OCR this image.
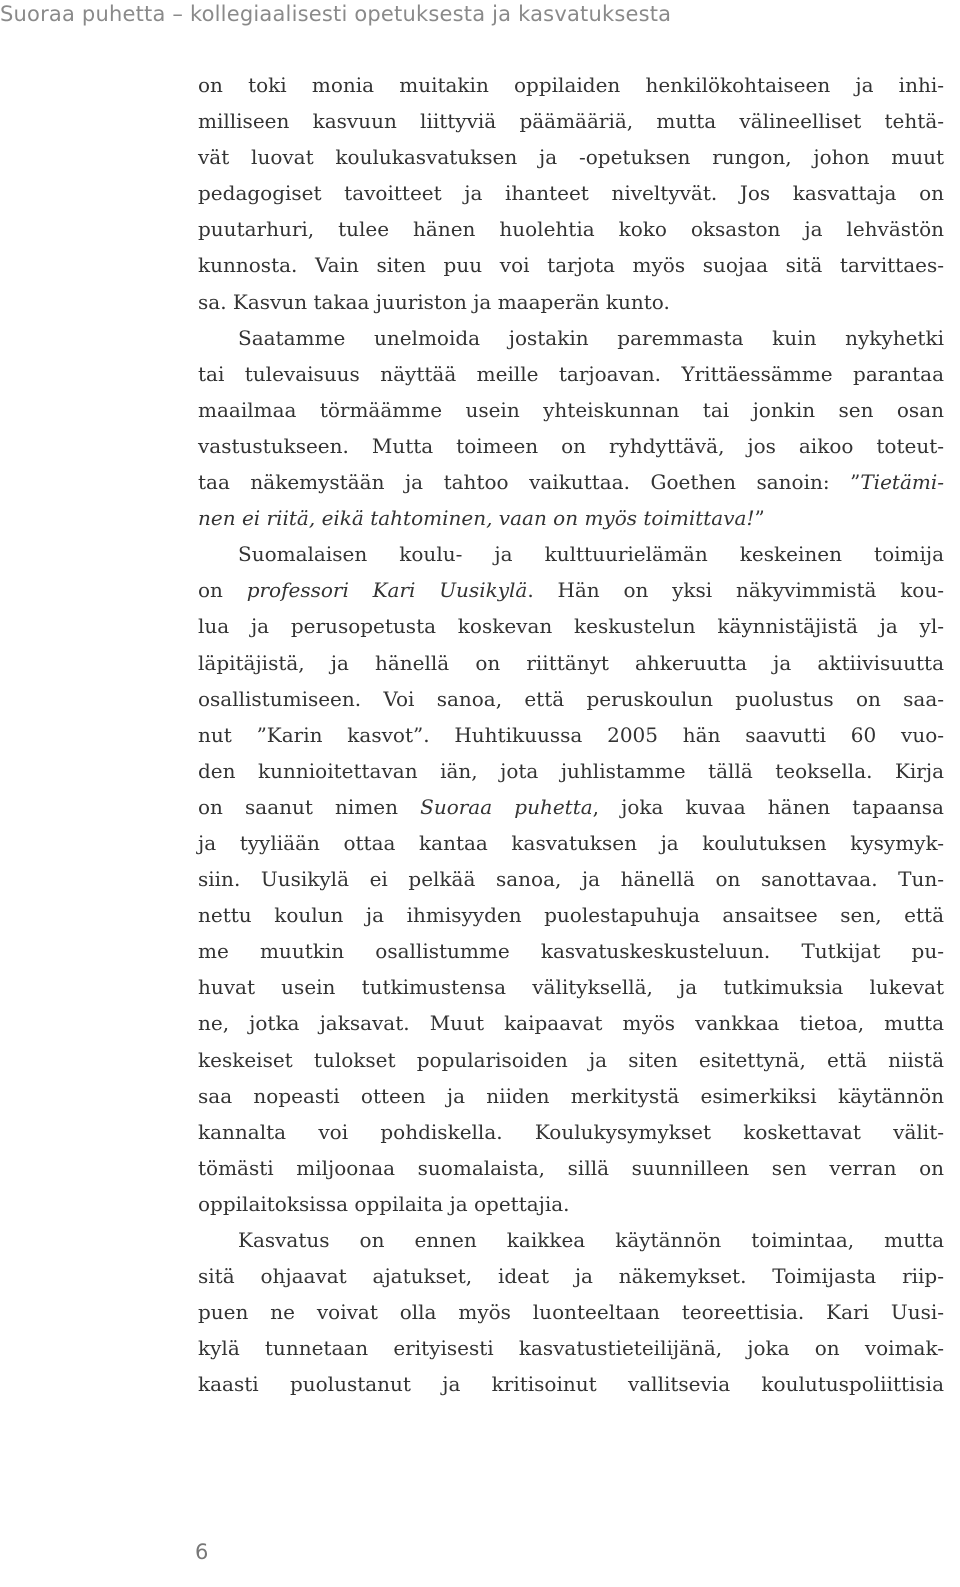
Suoraa puhetta – kollegiaalisesti opetuksesta ja kasvatuksesta
on toki monia muitakin oppilaiden henkilökohtaiseen ja inhi-
milliseen kasvuun liittyviä päämääriä, mutta välineelliset tehtä-
vät luovat koulukasvatuksen ja -opetuksen rungon, johon muut
pedagogiset tavoitteet ja ihanteet niveltyvät. Jos kasvattaja on
puutarhuri, tulee hänen huolehtia koko oksaston ja lehvästön
kunnosta. Vain siten puu voi tarjota myös suojaa sitä tarvittaes-
sa. Kasvun takaa juuriston ja maaperän kunto.
Saatamme unelmoida jostakin paremmasta kuin nykyhetki
tai tulevaisuus näyttää meille tarjoavan. Yrittäessämme parantaa
maailmaa törmäämme usein yhteiskunnan tai jonkin sen osan
vastustukseen. Mutta toimeen on ryhdyttävä, jos aikoo toteut-
taa näkemystään ja tahtoo vaikuttaa. Goethen sanoin: ”Tietämi-
nen ei riitä, eikä tahtominen, vaan on myös toimittava!”
Suomalaisen koulu- ja kulttuurielämän keskeinen toimija
on professori Kari Uusikylä. Hän on yksi näkyvimmistä kou-
lua ja perusopetusta koskevan keskustelun käynnistäjistä ja yl-
läpitäjistä, ja hänellä on riittänyt ahkeruutta ja aktiivisuutta
osallistumiseen. Voi sanoa, että peruskoulun puolustus on saa-
nut ”Karin kasvot”. Huhtikuussa 2005 hän saavutti 60 vuo-
den kunnioitettavan iän, jota juhlistamme tällä teoksella. Kirja
on saanut nimen Suoraa puhetta, joka kuvaa hänen tapaansa
ja tyyliään ottaa kantaa kasvatuksen ja koulutuksen kysymyk-
siin. Uusikylä ei pelkää sanoa, ja hänellä on sanottavaa. Tun-
nettu koulun ja ihmisyyden puolestapuhuja ansaitsee sen, että
me muutkin osallistumme kasvatuskeskusteluun. Tutkijat pu-
huvat usein tutkimustensa välityksellä, ja tutkimuksia lukevat
ne, jotka jaksavat. Muut kaipaavat myös vankkaa tietoa, mutta
keskeiset tulokset popularisoiden ja siten esitettynä, että niistä
saa nopeasti otteen ja niiden merkitystä esimerkiksi käytännön
kannalta voi pohdiskella. Koulukysymykset koskettavat välit-
tömästi miljoonaa suomalaista, sillä suunnilleen sen verran on
oppilaitoksissa oppilaita ja opettajia.
Kasvatus on ennen kaikkea käytännön toimintaa, mutta
sitä ohjaavat ajatukset, ideat ja näkemykset. Toimijasta riip-
puen ne voivat olla myös luonteeltaan teoreettisia. Kari Uusi-
kylä tunnetaan erityisesti kasvatustieteilijänä, joka on voimak-
kaasti puolustanut ja kritisoinut vallitsevia koulutuspoliittisia
6
